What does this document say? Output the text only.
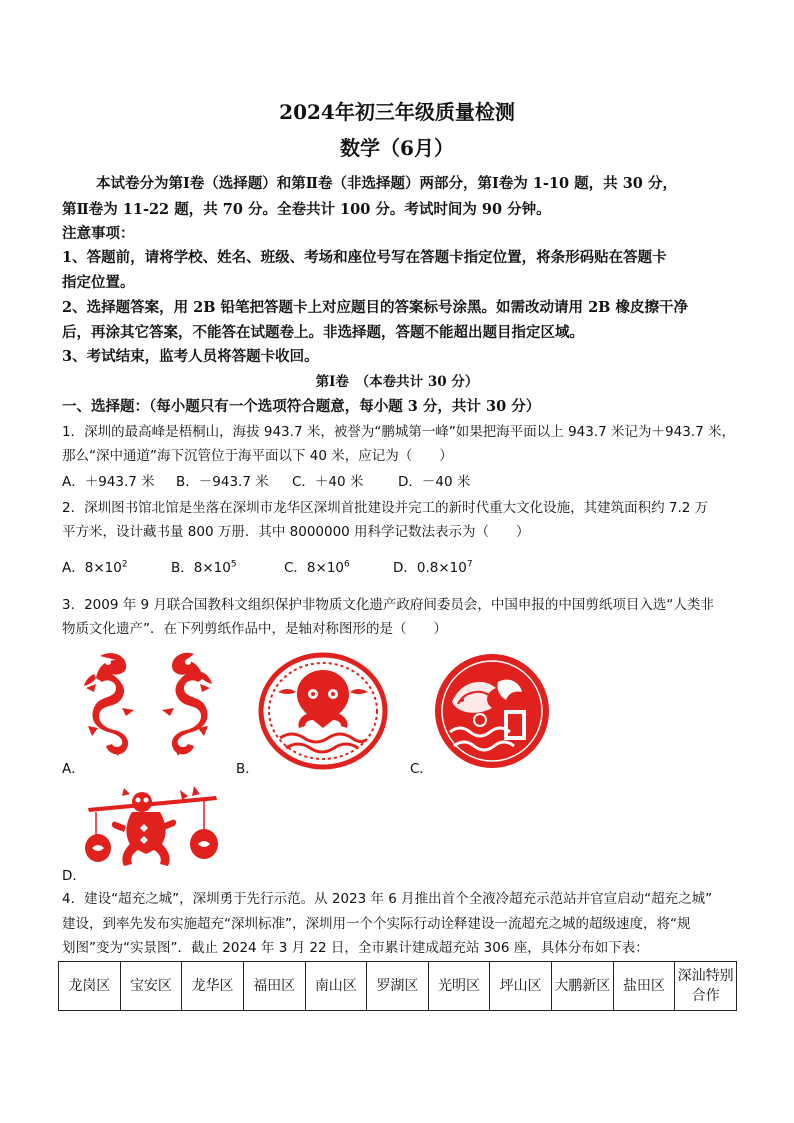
2024年初三年级质量检测
数学（6月）
本试卷分为第Ⅰ卷（选择题）和第Ⅱ卷（非选择题）两部分，第Ⅰ卷为 1-10 题，共 30 分，
第Ⅱ卷为 11-22 题，共 70 分。全卷共计 100 分。考试时间为 90 分钟。
注意事项：
1、答题前，请将学校、姓名、班级、考场和座位号写在答题卡指定位置，将条形码贴在答题卡
指定位置。
2、选择题答案，用 2B 铅笔把答题卡上对应题目的答案标号涂黑。如需改动请用 2B 橡皮擦干净
后，再涂其它答案，不能答在试题卷上。非选择题，答题不能超出题目指定区域。
3、考试结束，监考人员将答题卡收回。
第Ⅰ卷　（本卷共计 30 分）
一、选择题：（每小题只有一个选项符合题意，每小题 3 分，共计 30 分）
1．深圳的最高峰是梧桐山，海拔 943.7 米，被誉为“鹏城第一峰”如果把海平面以上 943.7 米记为＋943.7 米，
那么“深中通道”海下沉管位于海平面以下 40 米，应记为（　　）
A．＋943.7 米 B．－943.7 米 C．＋40 米	D．－40 米
2．深圳图书馆北馆是坐落在深圳市龙华区深圳首批建设并完工的新时代重大文化设施，其建筑面积约 7.2 万
平方米，设计藏书量 800 万册．其中 8000000 用科学记数法表示为（　　）
A．$8\times 10^2$	B．$8\times 10^5$	C．$8\times 10^6$	D．$0.8\times 10^7$
3．2009 年 9 月联合国教科文组织保护非物质文化遗产政府间委员会，中国申报的中国剪纸项目入选“人类非
物质文化遗产”．在下列剪纸作品中，是轴对称图形的是（　　）
A．	B．	C．
D．
4．建设“超充之城”，深圳勇于先行示范。从 2023 年 6 月推出首个全液冷超充示范站并官宣启动“超充之城”
建设，到率先发布实施超充“深圳标准”，深圳用一个个实际行动诠释建设一流超充之城的超级速度，将“规
划图”变为“实景图”．截止 2024 年 3 月 22 日，全市累计建成超充站 306 座，具体分布如下表：
龙岗区	宝安区	龙华区	福田区	南山区	罗湖区	光明区	坪山区	大鹏新区	盐田区	深汕特别合作
